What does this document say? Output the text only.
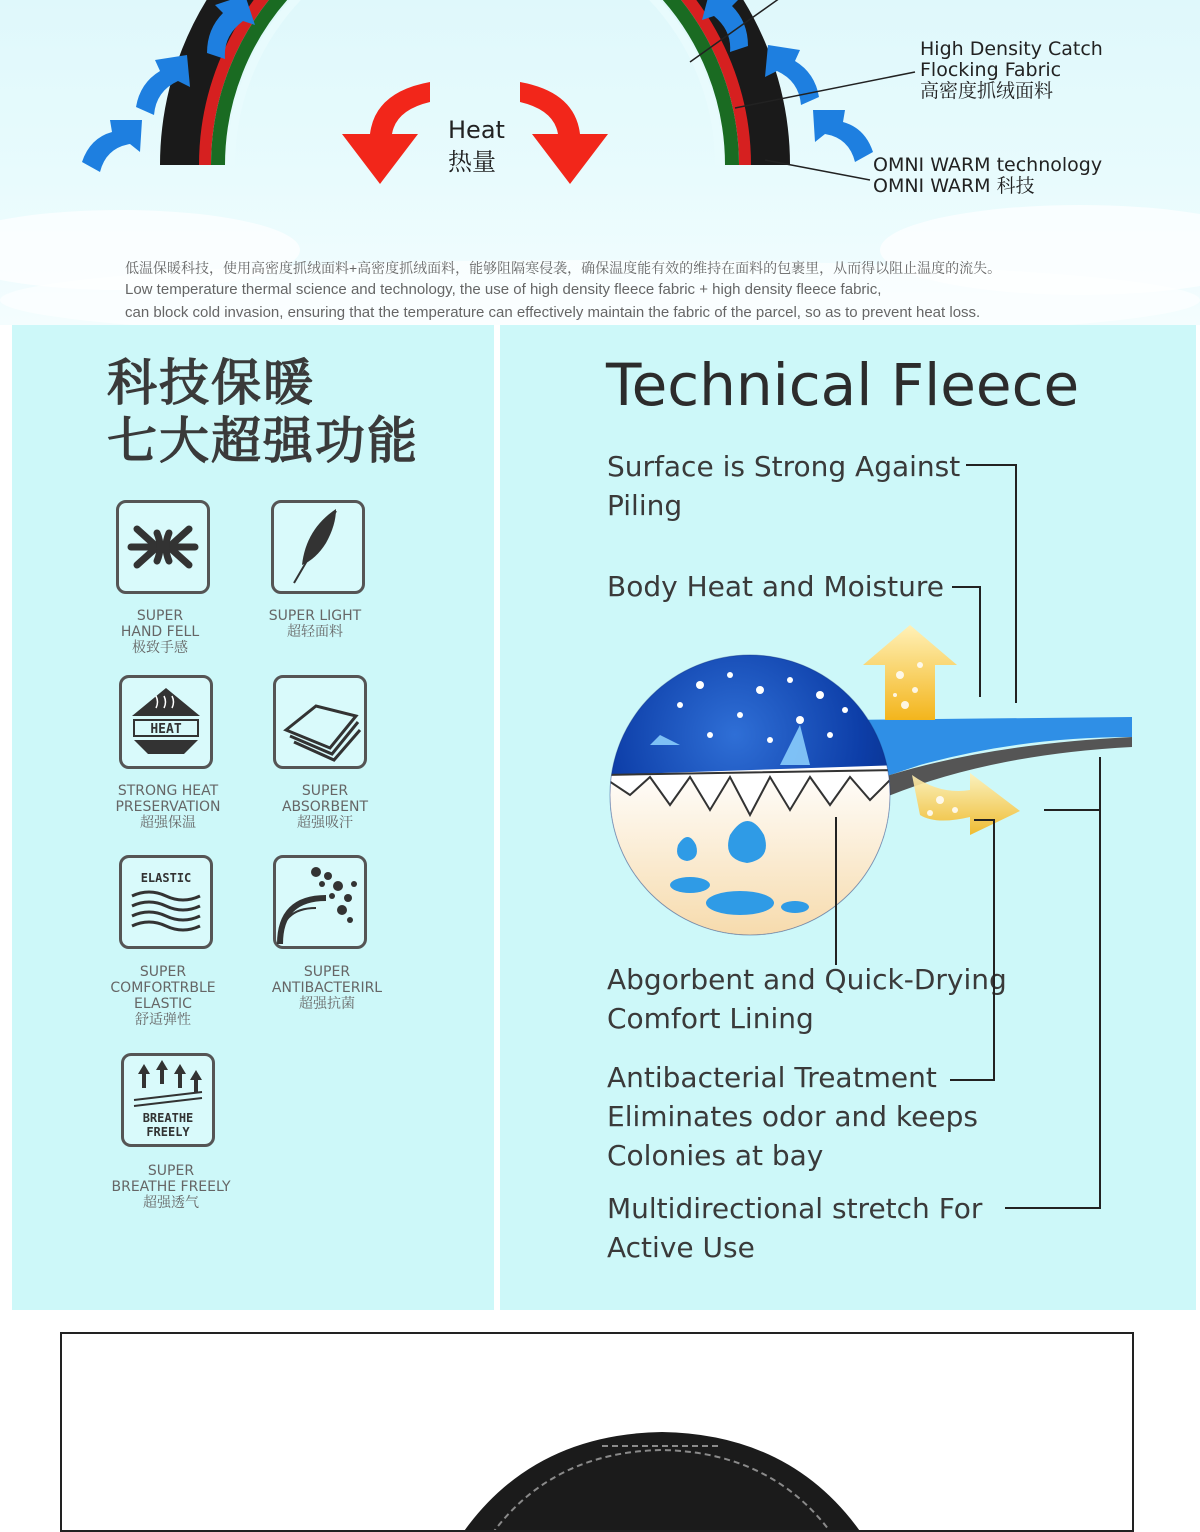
Heat
热量
High Density Catch
Flocking Fabric
高密度抓绒面料
OMNI WARM technology
OMNI WARM 科技
低温保暖科技，使用高密度抓绒面料+高密度抓绒面料，能够阻隔寒侵袭，确保温度能有效的维持在面料的包裹里，从而得以阻止温度的流失。
Low temperature thermal science and technology, the use of high density fleece fabric + high density fleece fabric,
can block cold invasion, ensuring that the temperature can effectively maintain the fabric of the parcel, so as to prevent heat loss.
科技保暖
七大超强功能
SUPER
HAND FELL
极致手感
SUPER LIGHT
超轻面料
HEAT
STRONG HEAT
PRESERVATION
超强保温
SUPER
ABSORBENT
超强吸汗
ELASTIC
SUPER
COMFORTRBLE
ELASTIC
舒适弹性
SUPER
ANTIBACTERIRL
超强抗菌
BREATHE
FREELY
SUPER
BREATHE FREELY
超强透气
Technical Fleece
Surface is Strong Against
Piling
Body Heat and Moisture
Abgorbent and Quick-Drying
Comfort Lining
Antibacterial Treatment
Eliminates odor and keeps
Colonies at bay
Multidirectional stretch For
Active Use
